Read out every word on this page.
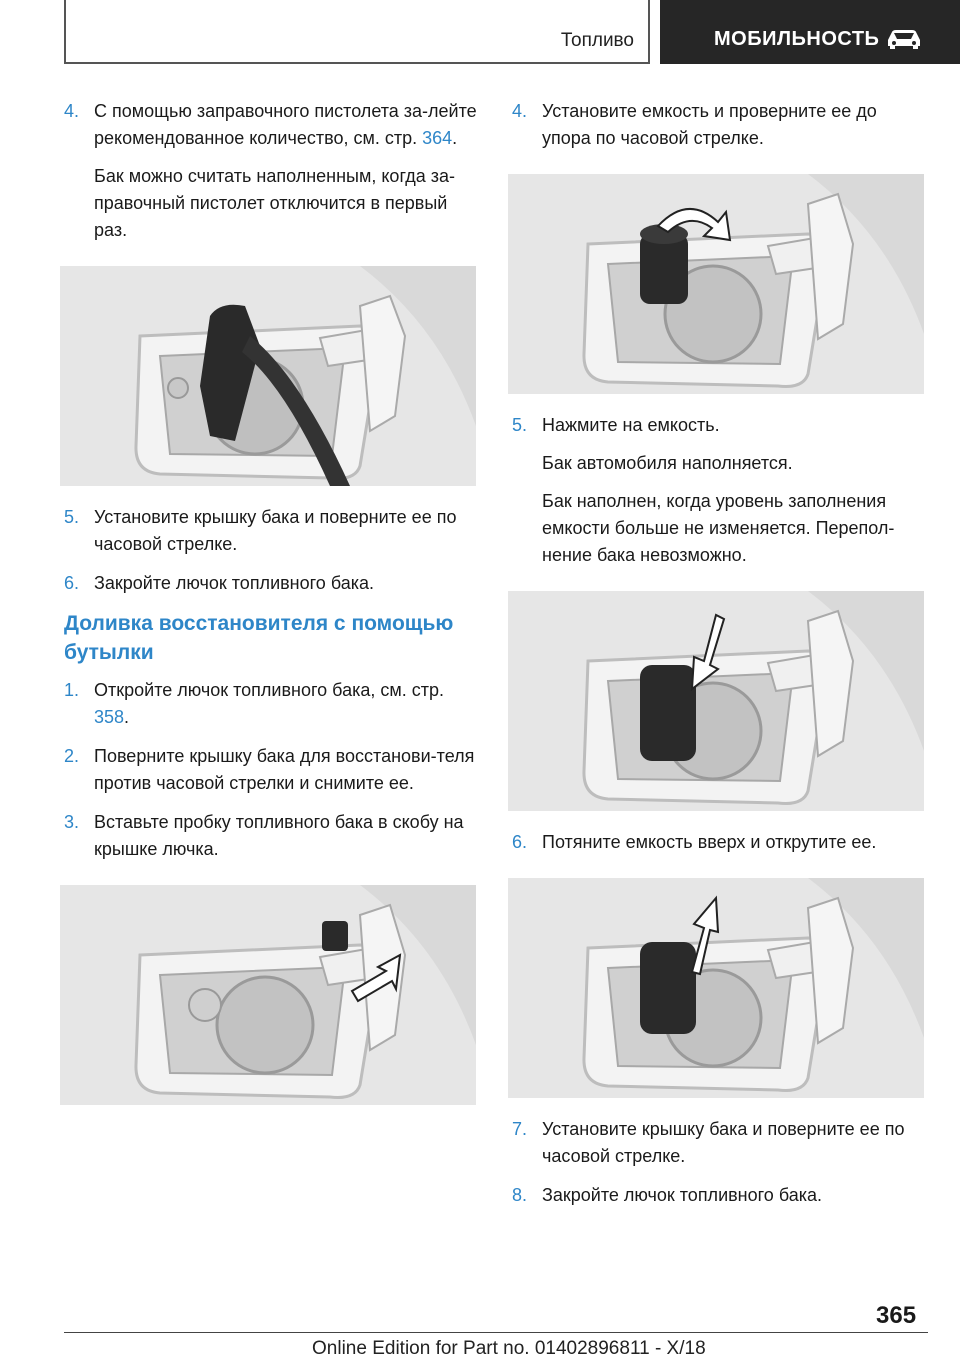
Топливо	МОБИЛЬНОСТЬ
4. С помощью заправочного пистолета за-лейте рекомендованное количество, см. стр. 364.

Бак можно считать наполненным, когда за-правочный пистолет отключится в первый раз.

5. Установите крышку бака и поверните ее по часовой стрелке.

6. Закройте лючок топливного бака.

Доливка восстановителя с помощью бутылки
1. Откройте лючок топливного бака, см. стр. 358.

2. Поверните крышку бака для восстанови-теля против часовой стрелки и снимите ее.

3. Вставьте пробку топливного бака в скобу на крышке лючка.

4. Установите емкость и проверните ее до упора по часовой стрелке.

5. Нажмите на емкость.

Бак автомобиля наполняется.

Бак наполнен, когда уровень заполнения емкости больше не изменяется. Перепол-нение бака невозможно.

6. Потяните емкость вверх и открутите ее.

7. Установите крышку бака и поверните ее по часовой стрелке.

8. Закройте лючок топливного бака.

365
Online Edition for Part no. 01402896811 - X/18
